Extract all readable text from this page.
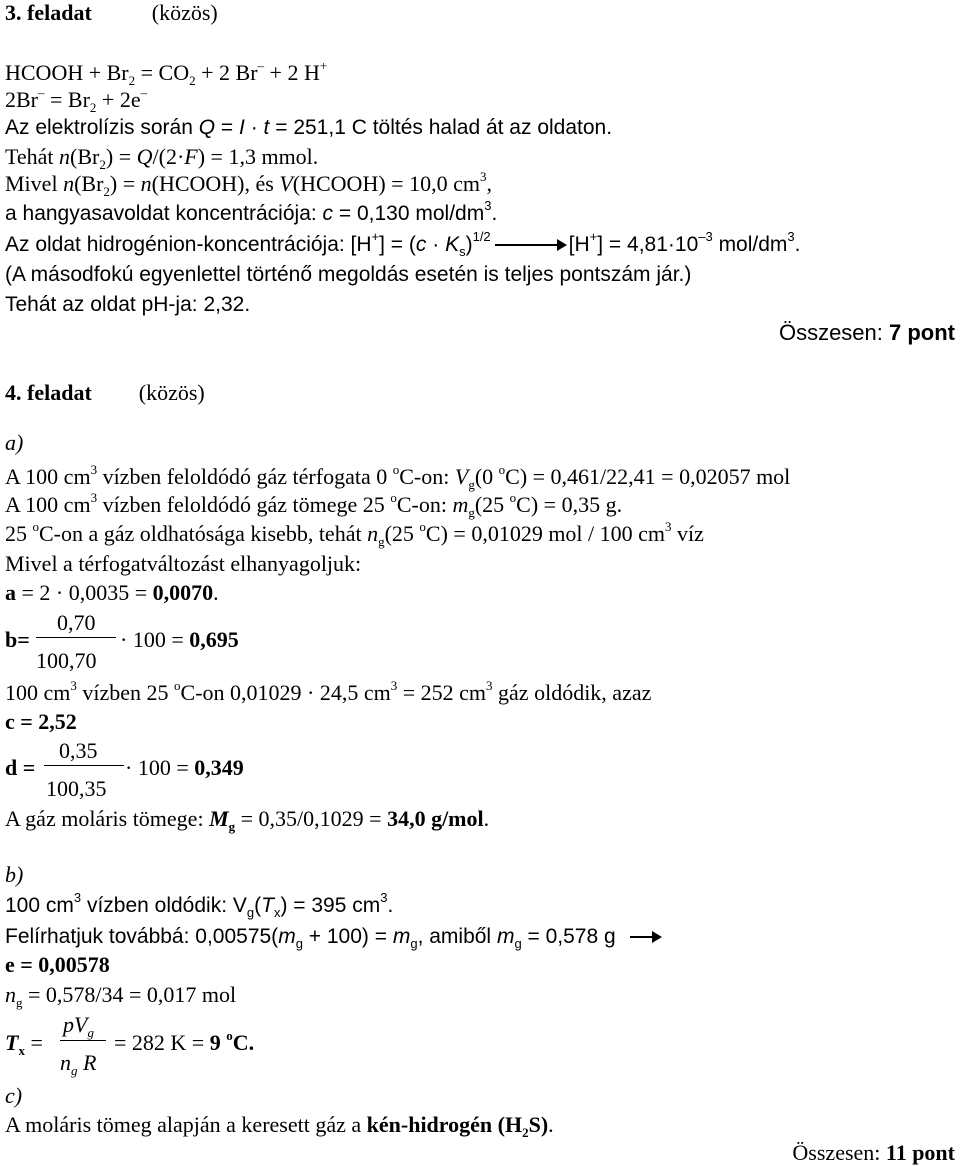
3. feladat	(közös)
HCOOH + $Br_2 = CO_2 + 2$ Br– + 2 H+
$2Br^- = Br_2 + 2e^-$
Az elektrolízis során Q = I · t = 251,1 C töltés halad át az oldaton.
Tehát $n(Br_2) = Q/(2\cdot F) = 1,3$ mmol.
Mivel $n(Br_2)$ = n(HCOOH), és V(HCOOH) = 10,0 $cm^3$,
a hangyasavoldat koncentrációja: c = 0,130 mol/$dm^3$.
Az oldat hidrogénion-koncentrációja: $[H^+] = (c \cdot K_s)^{1/2}$	$[H^+] = 4,81\cdot 10^{-3}$ mol/$dm^3$.
(A másodfokú egyenlettel történő megoldás esetén is teljes pontszám jár.)
Tehát az oldat pH-ja: 2,32.
Összesen: 7 pont
4. feladat (közös)
a)
A 100 $cm^3$ vízben feloldódó gáz térfogata 0 $^o$C-on: $V_g(0$ $^o$C) = 0,461/22,41 = 0,02057 mol
A 100 $cm^3$ vízben feloldódó gáz tömege 25 $^o$C-on: $m_g(25$ $^o$C) = 0,35 g.
25 $^o$C-on a gáz oldhatósága kisebb, tehát $n_g(25$ $^o$C) = 0,01029 mol / 100 $cm^3$ víz
Mivel a térfogatváltozást elhanyagoljuk:
a = 2 · 0,0035 = 0,0070.
b=
0,70
100,70
· 100 = 0,695
100 $cm^3$ vízben 25 $^o$C-on 0,01029 · 24,5 $cm^3 = 252$ $cm^3$ gáz oldódik, azaz
c = 2,52
d =
0,35
100,35
· 100 = 0,349
A gáz moláris tömege: $M_g = 0,35/0,1029 = 34,0$ g/mol.
b)
100 $cm^3$ vízben oldódik: $V_g(T_x) = 395$ $cm^3$.
Felírhatjuk továbbá: $0,00575(m_g + 100) = m_g$, amiből $m_g = 0,578$ g
e = 0,00578
$n_g = 0,578/34 = 0,017$ mol
$T_x$ =
$pV_g$
$n_g$ R
= 282 K = 9 $^o$C.
c)
A moláris tömeg alapján a keresett gáz a kén-hidrogén $(H_2S)$.
Összesen: 11 pont
